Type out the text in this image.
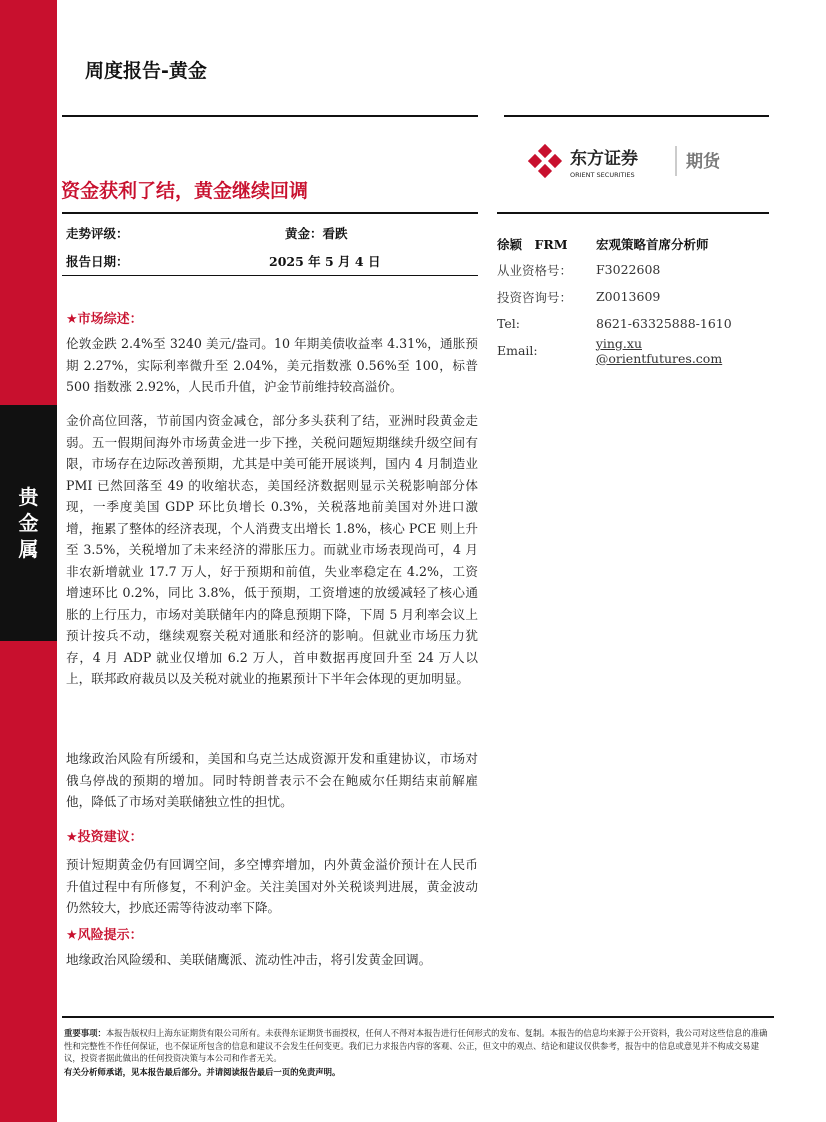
贵
金
属
周度报告-黄金
东方证券
ORIENT SECURITIES
期货
资金获利了结，黄金继续回调
走势评级：	黄金：看跌
报告日期：	2025 年 5 月 4 日
徐颖　FRM	宏观策略首席分析师
从业资格号：	F3022608
投资咨询号：	Z0013609
Tel:	8621-63325888-1610
Email:	ying.xu @orientfutures.com
★市场综述：

伦敦金跌 2.4%至 3240 美元/盎司。10 年期美债收益率 4.31%，通胀预期 2.27%，实际利率微升至 2.04%，美元指数涨 0.56%至 100，标普 500 指数涨 2.92%，人民币升值，沪金节前维持较高溢价。

金价高位回落，节前国内资金减仓，部分多头获利了结，亚洲时段黄金走弱。五一假期间海外市场黄金进一步下挫，关税问题短期继续升级空间有限，市场存在边际改善预期，尤其是中美可能开展谈判，国内 4 月制造业 PMI 已然回落至 49 的收缩状态，美国经济数据则显示关税影响部分体现，一季度美国 GDP 环比负增长 0.3%，关税落地前美国对外进口激增，拖累了整体的经济表现，个人消费支出增长 1.8%，核心 PCE 则上升至 3.5%，关税增加了未来经济的滞胀压力。而就业市场表现尚可，4 月非农新增就业 17.7 万人，好于预期和前值，失业率稳定在 4.2%，工资增速环比 0.2%，同比 3.8%，低于预期，工资增速的放缓减轻了核心通胀的上行压力，市场对美联储年内的降息预期下降，下周 5 月利率会议上预计按兵不动，继续观察关税对通胀和经济的影响。但就业市场压力犹存，4 月 ADP 就业仅增加 6.2 万人，首申数据再度回升至 24 万人以上，联邦政府裁员以及关税对就业的拖累预计下半年会体现的更加明显。

地缘政治风险有所缓和，美国和乌克兰达成资源开发和重建协议，市场对俄乌停战的预期的增加。同时特朗普表示不会在鲍威尔任期结束前解雇他，降低了市场对美联储独立性的担忧。

★投资建议：

预计短期黄金仍有回调空间，多空博弈增加，内外黄金溢价预计在人民币升值过程中有所修复，不利沪金。关注美国对外关税谈判进展，黄金波动仍然较大，抄底还需等待波动率下降。

★风险提示：

地缘政治风险缓和、美联储鹰派、流动性冲击，将引发黄金回调。

重要事项：本报告版权归上海东证期货有限公司所有。未获得东证期货书面授权，任何人不得对本报告进行任何形式的发布、复制。本报告的信息均来源于公开资料，我公司对这些信息的准确性和完整性不作任何保证，也不保证所包含的信息和建议不会发生任何变更。我们已力求报告内容的客观、公正，但文中的观点、结论和建议仅供参考，报告中的信息或意见并不构成交易建议，投资者据此做出的任何投资决策与本公司和作者无关。
有关分析师承诺，见本报告最后部分。并请阅读报告最后一页的免责声明。
